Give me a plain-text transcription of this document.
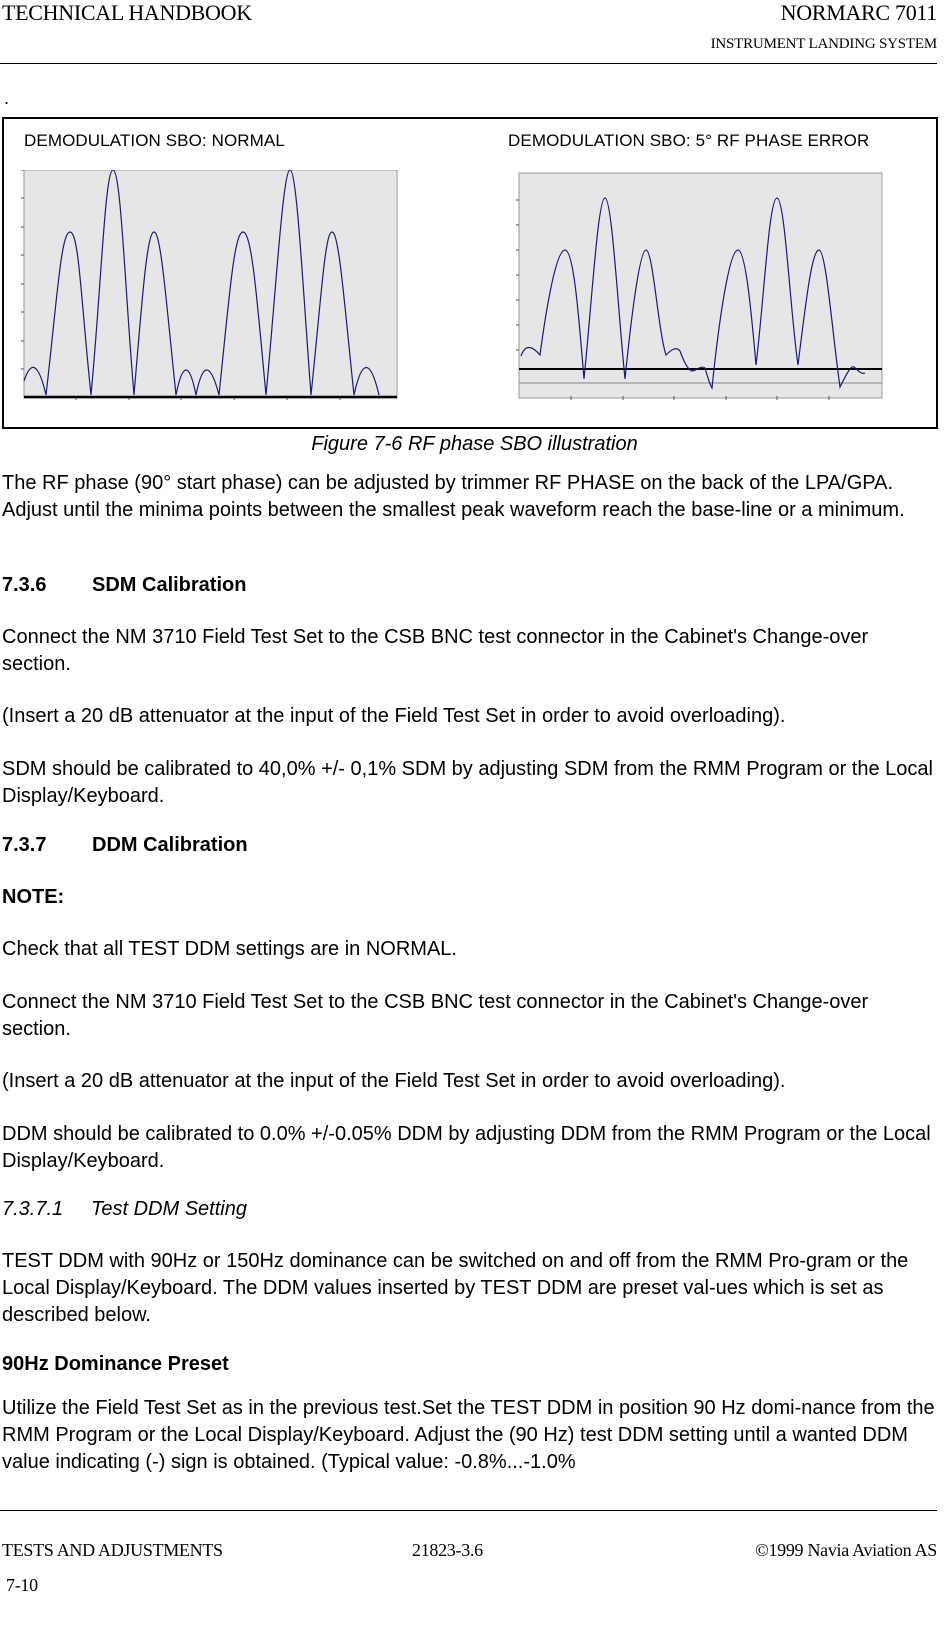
TECHNICAL HANDBOOK	NORMARC 7011
INSTRUMENT LANDING SYSTEM
.
DEMODULATION SBO: NORMAL	DEMODULATION SBO: 5° RF PHASE ERROR
Figure 7-6 RF phase SBO illustration
The RF phase (90° start phase) can be adjusted by trimmer RF PHASE on the back of the LPA/GPA. Adjust until the minima points between the smallest peak waveform reach the base-line or a minimum.
7.3.6 SDM Calibration
Connect the NM 3710 Field Test Set to the CSB BNC test connector in the Cabinet's Change-over section.
(Insert a 20 dB attenuator at the input of the Field Test Set in order to avoid overloading).
SDM should be calibrated to 40,0% +/- 0,1% SDM by adjusting SDM from the RMM Program or the Local Display/Keyboard.
7.3.7 DDM Calibration
NOTE:
Check that all TEST DDM settings are in NORMAL.
Connect the NM 3710 Field Test Set to the CSB BNC test connector in the Cabinet's Change-over section.
(Insert a 20 dB attenuator at the input of the Field Test Set in order to avoid overloading).
DDM should be calibrated to 0.0% +/-0.05% DDM by adjusting DDM from the RMM Program or the Local Display/Keyboard.
7.3.7.1 Test DDM Setting
TEST DDM with 90Hz or 150Hz dominance can be switched on and off from the RMM Pro-gram or the Local Display/Keyboard. The DDM values inserted by TEST DDM are preset val-ues which is set as described below.
90Hz Dominance Preset
Utilize the Field Test Set as in the previous test.Set the TEST DDM in position 90 Hz domi-nance from the RMM Program or the Local Display/Keyboard. Adjust the (90 Hz) test DDM setting until a wanted DDM value indicating (-) sign is obtained. (Typical value: -0.8%...-1.0%
TESTS AND ADJUSTMENTS	21823-3.6	©1999 Navia Aviation AS
7-10
